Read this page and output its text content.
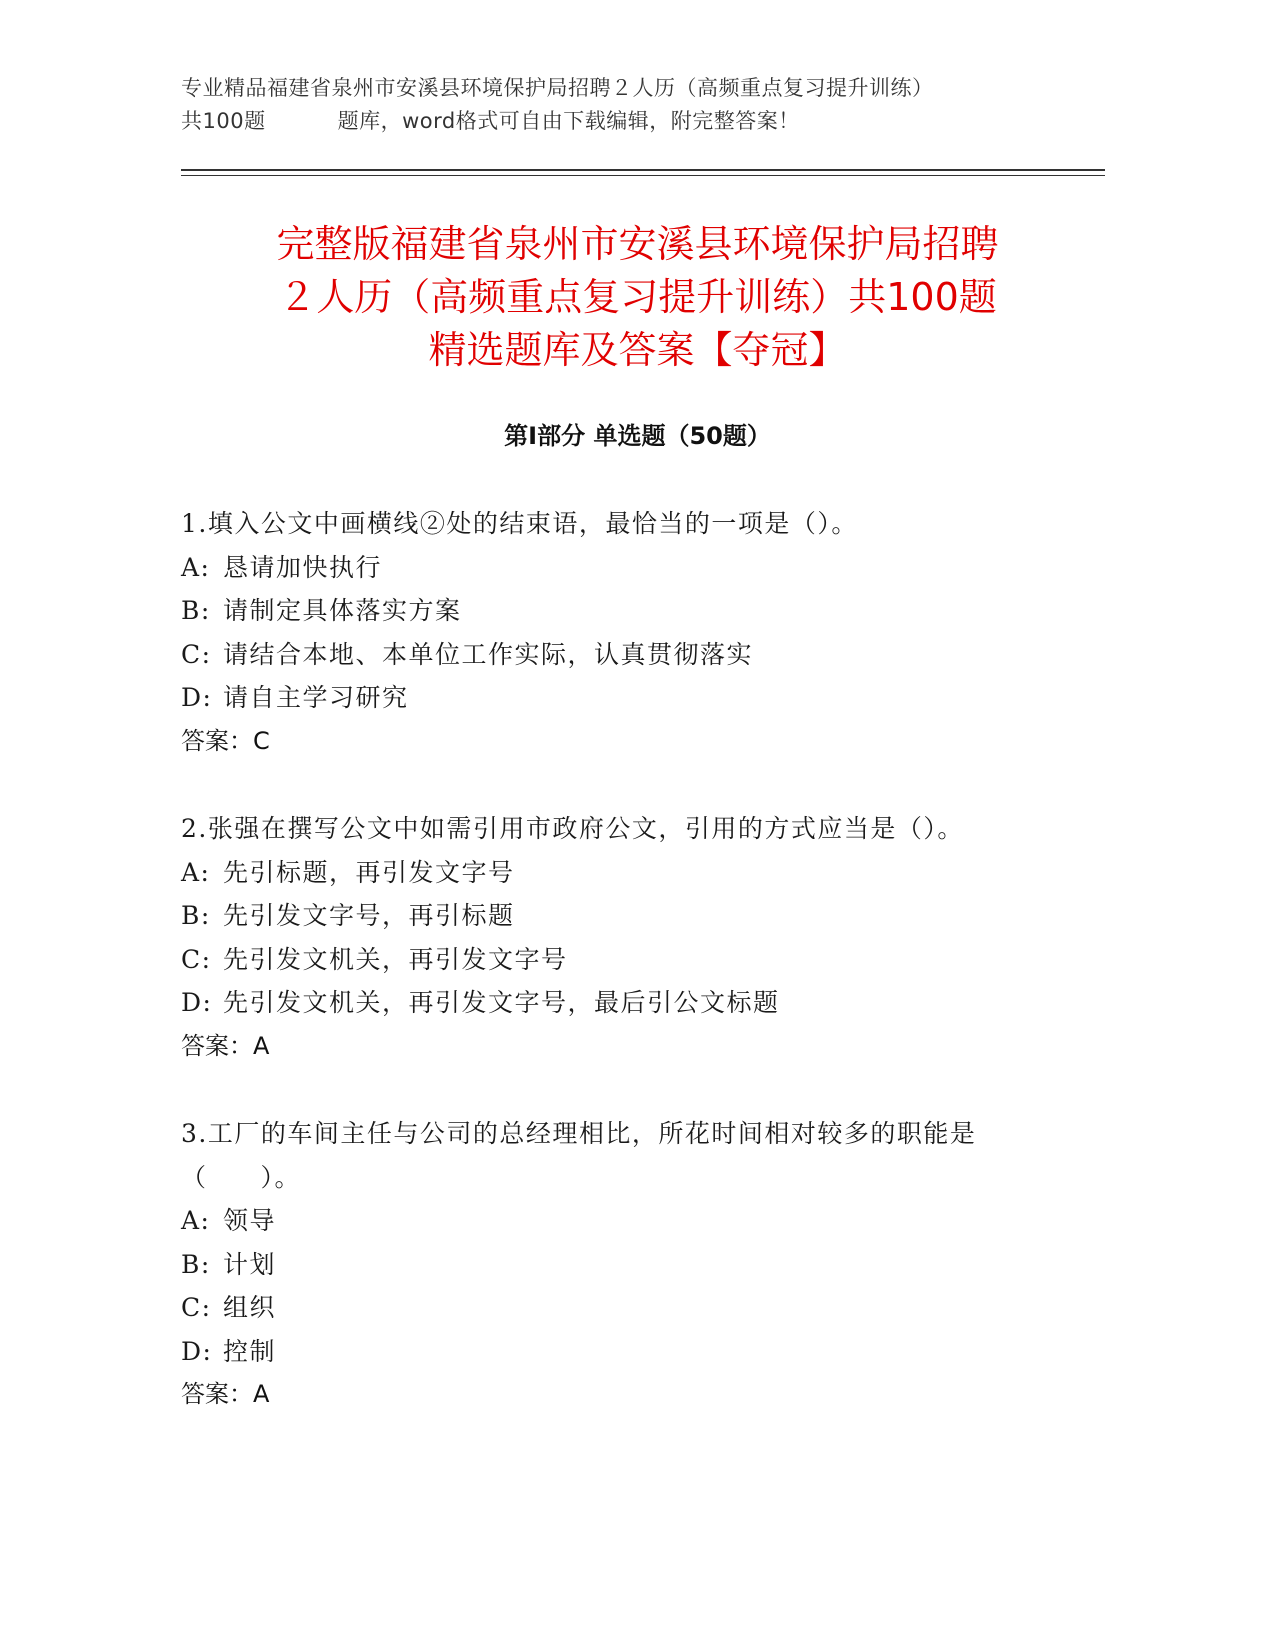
专业精品福建省泉州市安溪县环境保护局招聘２人历（高频重点复习提升训练）
共100题	题库，word格式可自由下载编辑，附完整答案！
完整版福建省泉州市安溪县环境保护局招聘
２人历（高频重点复习提升训练）共100题
精选题库及答案【夺冠】
第Ⅰ部分 单选题（50题）
1.填入公文中画横线②处的结束语，最恰当的一项是（）。
A: 恳请加快执行
B: 请制定具体落实方案
C: 请结合本地、本单位工作实际，认真贯彻落实
D: 请自主学习研究
答案：C
2.张强在撰写公文中如需引用市政府公文，引用的方式应当是（）。
A: 先引标题，再引发文字号
B: 先引发文字号，再引标题
C: 先引发文机关，再引发文字号
D: 先引发文机关，再引发文字号，最后引公文标题
答案：A
3.工厂的车间主任与公司的总经理相比，所花时间相对较多的职能是（　　）。
A: 领导
B: 计划
C: 组织
D: 控制
答案：A
